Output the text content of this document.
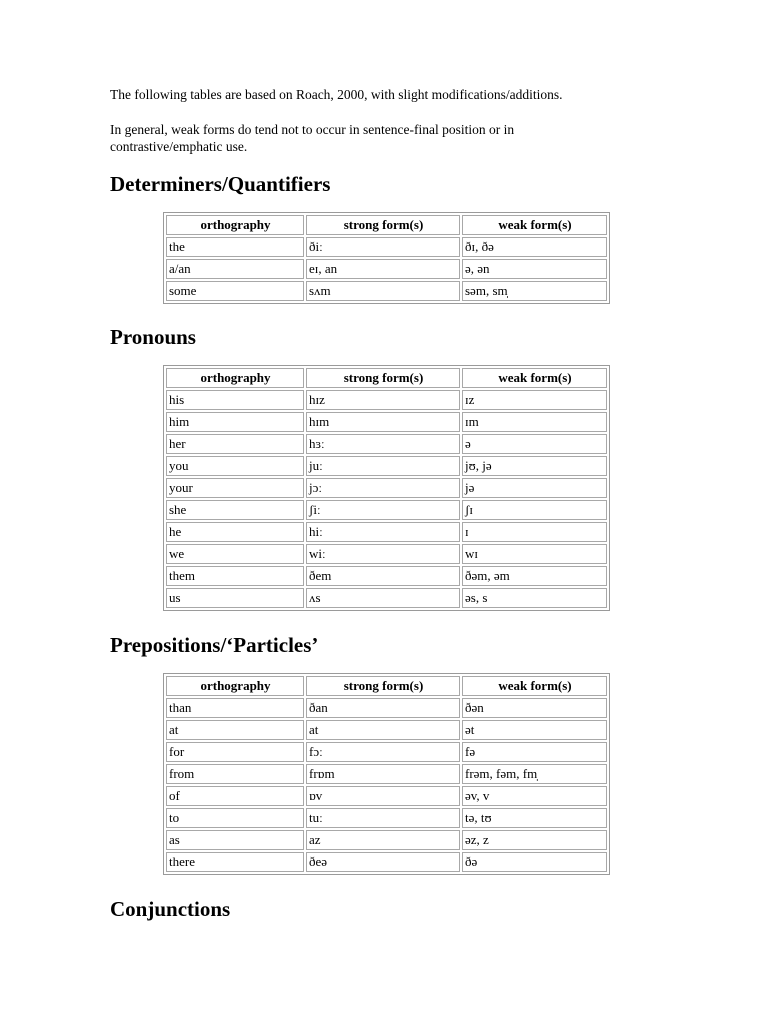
The following tables are based on Roach, 2000, with slight modifications/additions.

In general, weak forms do tend not to occur in sentence-final position or in contrastive/emphatic use.

Determiners/Quantifiers
orthography	strong form(s)	weak form(s)
the	ðiː	ðɪ, ðə
a/an	eɪ, an	ə, ən
some	sʌm	səm, sm̩
Pronouns
orthography	strong form(s)	weak form(s)
his	hɪz	ɪz
him	hɪm	ɪm
her	hɜː	ə
you	juː	jʊ, jə
your	jɔː	jə
she	ʃiː	ʃɪ
he	hiː	ɪ
we	wiː	wɪ
them	ðem	ðəm, əm
us	ʌs	əs, s
Prepositions/‘Particles’
orthography	strong form(s)	weak form(s)
than	ðan	ðən
at	at	ət
for	fɔː	fə
from	frɒm	frəm, fəm, fm̩
of	ɒv	əv, v
to	tuː	tə, tʊ
as	az	əz, z
there	ðeə	ðə
Conjunctions
